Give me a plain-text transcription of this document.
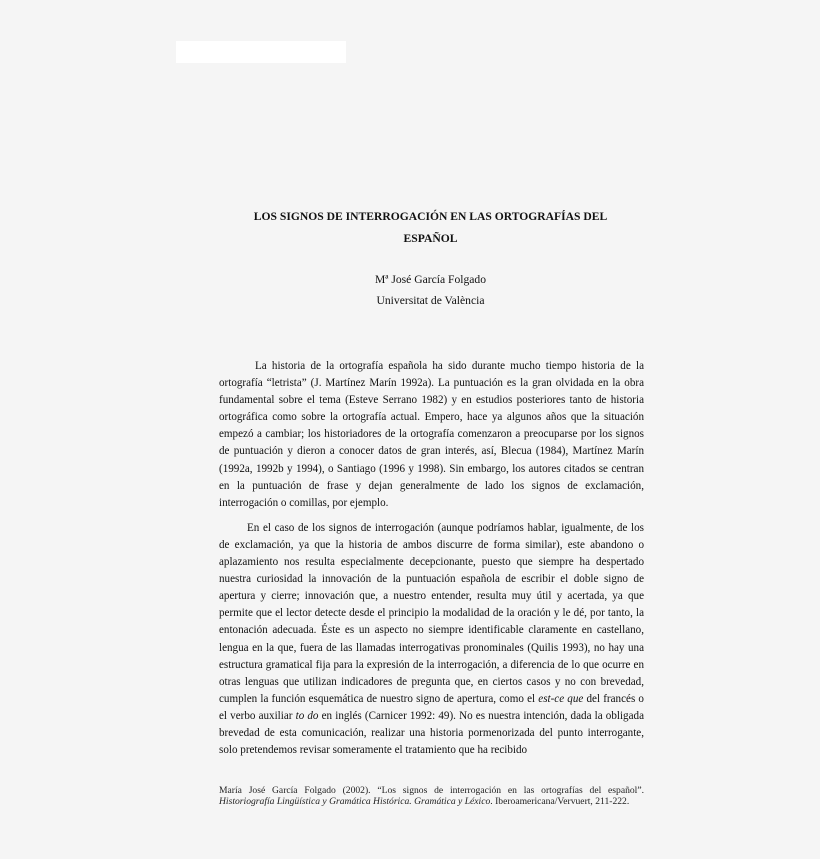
LOS SIGNOS DE INTERROGACIÓN EN LAS ORTOGRAFÍAS DEL
ESPAÑOL
Mª José García Folgado
Universitat de València

La historia de la ortografía española ha sido durante mucho tiempo historia de la ortografía “letrista” (J. Martínez Marín 1992a). La puntuación es la gran olvidada en la obra fundamental sobre el tema (Esteve Serrano 1982) y en estudios posteriores tanto de historia ortográfica como sobre la ortografía actual. Empero, hace ya algunos años que la situación empezó a cambiar; los historiadores de la ortografía comenzaron a preocuparse por los signos de puntuación y dieron a conocer datos de gran interés, así, Blecua (1984), Martínez Marín (1992a, 1992b y 1994), o Santiago (1996 y 1998). Sin embargo, los autores citados se centran en la puntuación de frase y dejan generalmente de lado los signos de exclamación, interrogación o comillas, por ejemplo.

En el caso de los signos de interrogación (aunque podríamos hablar, igualmente, de los de exclamación, ya que la historia de ambos discurre de forma similar), este abandono o aplazamiento nos resulta especialmente decepcionante, puesto que siempre ha despertado nuestra curiosidad la innovación de la puntuación española de escribir el doble signo de apertura y cierre; innovación que, a nuestro entender, resulta muy útil y acertada, ya que permite que el lector detecte desde el principio la modalidad de la oración y le dé, por tanto, la entonación adecuada. Éste es un aspecto no siempre identificable claramente en castellano, lengua en la que, fuera de las llamadas interrogativas pronominales (Quilis 1993), no hay una estructura gramatical fija para la expresión de la interrogación, a diferencia de lo que ocurre en otras lenguas que utilizan indicadores de pregunta que, en ciertos casos y no con brevedad, cumplen la función esquemática de nuestro signo de apertura, como el est-ce que del francés o el verbo auxiliar to do en inglés (Carnicer 1992: 49). No es nuestra intención, dada la obligada brevedad de esta comunicación, realizar una historia pormenorizada del punto interrogante, solo pretendemos revisar someramente el tratamiento que ha recibido

María José García Folgado (2002). “Los signos de interrogación en las ortografías del español”. Historiografía Lingüística y Gramática Histórica. Gramática y Léxico. Iberoamericana/Vervuert, 211-222.
